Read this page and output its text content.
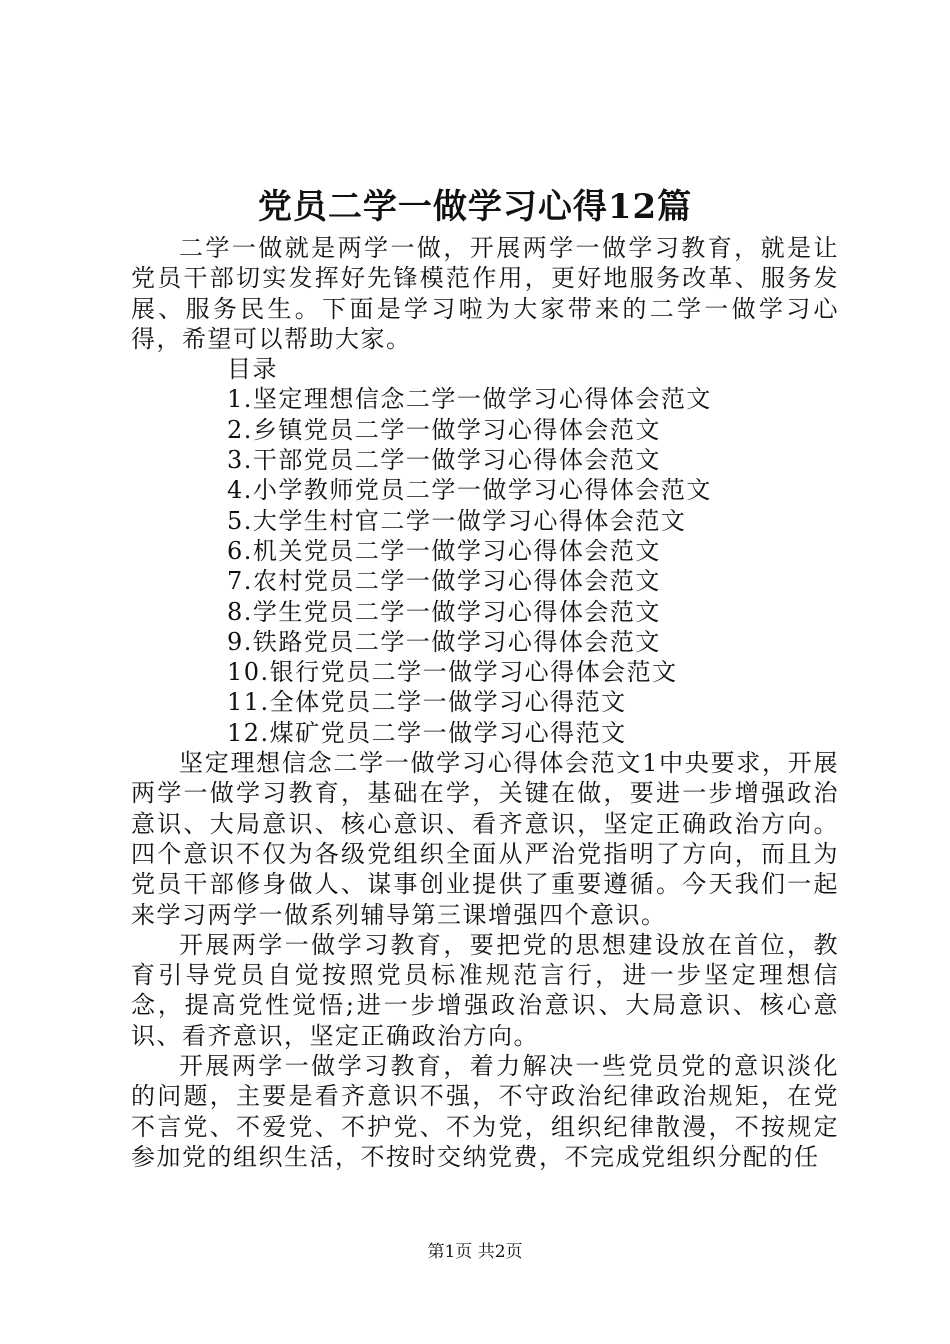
党员二学一做学习心得12篇

二学一做就是两学一做，开展两学一做学习教育，就是让党员干部切实发挥好先锋模范作用，更好地服务改革、服务发展、服务民生。下面是学习啦为大家带来的二学一做学习心得，希望可以帮助大家。

目录

1.坚定理想信念二学一做学习心得体会范文

2.乡镇党员二学一做学习心得体会范文

3.干部党员二学一做学习心得体会范文

4.小学教师党员二学一做学习心得体会范文

5.大学生村官二学一做学习心得体会范文

6.机关党员二学一做学习心得体会范文

7.农村党员二学一做学习心得体会范文

8.学生党员二学一做学习心得体会范文

9.铁路党员二学一做学习心得体会范文

10.银行党员二学一做学习心得体会范文

11.全体党员二学一做学习心得范文

12.煤矿党员二学一做学习心得范文

坚定理想信念二学一做学习心得体会范文1中央要求，开展两学一做学习教育，基础在学，关键在做，要进一步增强政治意识、大局意识、核心意识、看齐意识，坚定正确政治方向。四个意识不仅为各级党组织全面从严治党指明了方向，而且为党员干部修身做人、谋事创业提供了重要遵循。今天我们一起来学习两学一做系列辅导第三课增强四个意识。

开展两学一做学习教育，要把党的思想建设放在首位，教育引导党员自觉按照党员标准规范言行，进一步坚定理想信念，提高党性觉悟;进一步增强政治意识、大局意识、核心意识、看齐意识，坚定正确政治方向。

开展两学一做学习教育，着力解决一些党员党的意识淡化的问题，主要是看齐意识不强，不守政治纪律政治规矩，在党不言党、不爱党、不护党、不为党，组织纪律散漫，不按规定参加党的组织生活，不按时交纳党费，不完成党组织分配的任

第1页 共2页
